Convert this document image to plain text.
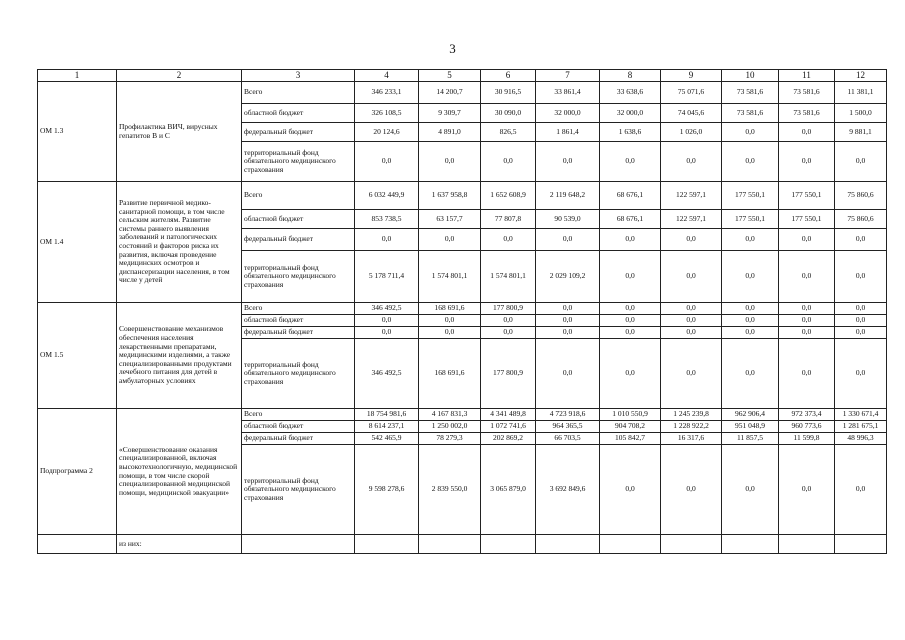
3
1	2	3	4	5	6	7	8	9	10	11	12
ОМ 1.3	Профилактика ВИЧ, вирусных гепатитов В и С	Всего	346 233,1	14 200,7	30 916,5	33 861,4	33 638,6	75 071,6	73 581,6	73 581,6	11 381,1
		областной бюджет	326 108,5	9 309,7	30 090,0	32 000,0	32 000,0	74 045,6	73 581,6	73 581,6	1 500,0
		федеральный бюджет	20 124,6	4 891,0	826,5	1 861,4	1 638,6	1 026,0	0,0	0,0	9 881,1
		территориальный фонд обязательного медицинского страхования	0,0	0,0	0,0	0,0	0,0	0,0	0,0	0,0	0,0
ОМ 1.4	Развитие первичной медико-санитарной помощи, в том числе сельским жителям. Развитие системы раннего выявления заболеваний и патологических состояний и факторов риска их развития, включая проведение медицинских осмотров и диспансеризации населения, в том числе у детей	Всего	6 032 449,9	1 637 958,8	1 652 608,9	2 119 648,2	68 676,1	122 597,1	177 550,1	177 550,1	75 860,6
		областной бюджет	853 738,5	63 157,7	77 807,8	90 539,0	68 676,1	122 597,1	177 550,1	177 550,1	75 860,6
		федеральный бюджет	0,0	0,0	0,0	0,0	0,0	0,0	0,0	0,0	0,0
		территориальный фонд обязательного медицинского страхования	5 178 711,4	1 574 801,1	1 574 801,1	2 029 109,2	0,0	0,0	0,0	0,0	0,0
ОМ 1.5	Совершенствование механизмов обеспечения населения лекарственными препаратами, медицинскими изделиями, а также специализированными продуктами лечебного питания для детей в амбулаторных условиях	Всего	346 492,5	168 691,6	177 800,9	0,0	0,0	0,0	0,0	0,0	0,0
		областной бюджет	0,0	0,0	0,0	0,0	0,0	0,0	0,0	0,0	0,0
		федеральный бюджет	0,0	0,0	0,0	0,0	0,0	0,0	0,0	0,0	0,0
		территориальный фонд обязательного медицинского страхования	346 492,5	168 691,6	177 800,9	0,0	0,0	0,0	0,0	0,0	0,0
Подпрограмма 2	«Совершенствование оказания специализированной, включая высокотехнологичную, медицинской помощи, в том числе скорой специализированной медицинской помощи, медицинской эвакуации»	Всего	18 754 981,6	4 167 831,3	4 341 489,8	4 723 918,6	1 010 550,9	1 245 239,8	962 906,4	972 373,4	1 330 671,4
		областной бюджет	8 614 237,1	1 250 002,0	1 072 741,6	964 365,5	904 708,2	1 228 922,2	951 048,9	960 773,6	1 281 675,1
		федеральный бюджет	542 465,9	78 279,3	202 869,2	66 703,5	105 842,7	16 317,6	11 857,5	11 599,8	48 996,3
		территориальный фонд обязательного медицинского страхования	9 598 278,6	2 839 550,0	3 065 879,0	3 692 849,6	0,0	0,0	0,0	0,0	0,0
	из них:										
